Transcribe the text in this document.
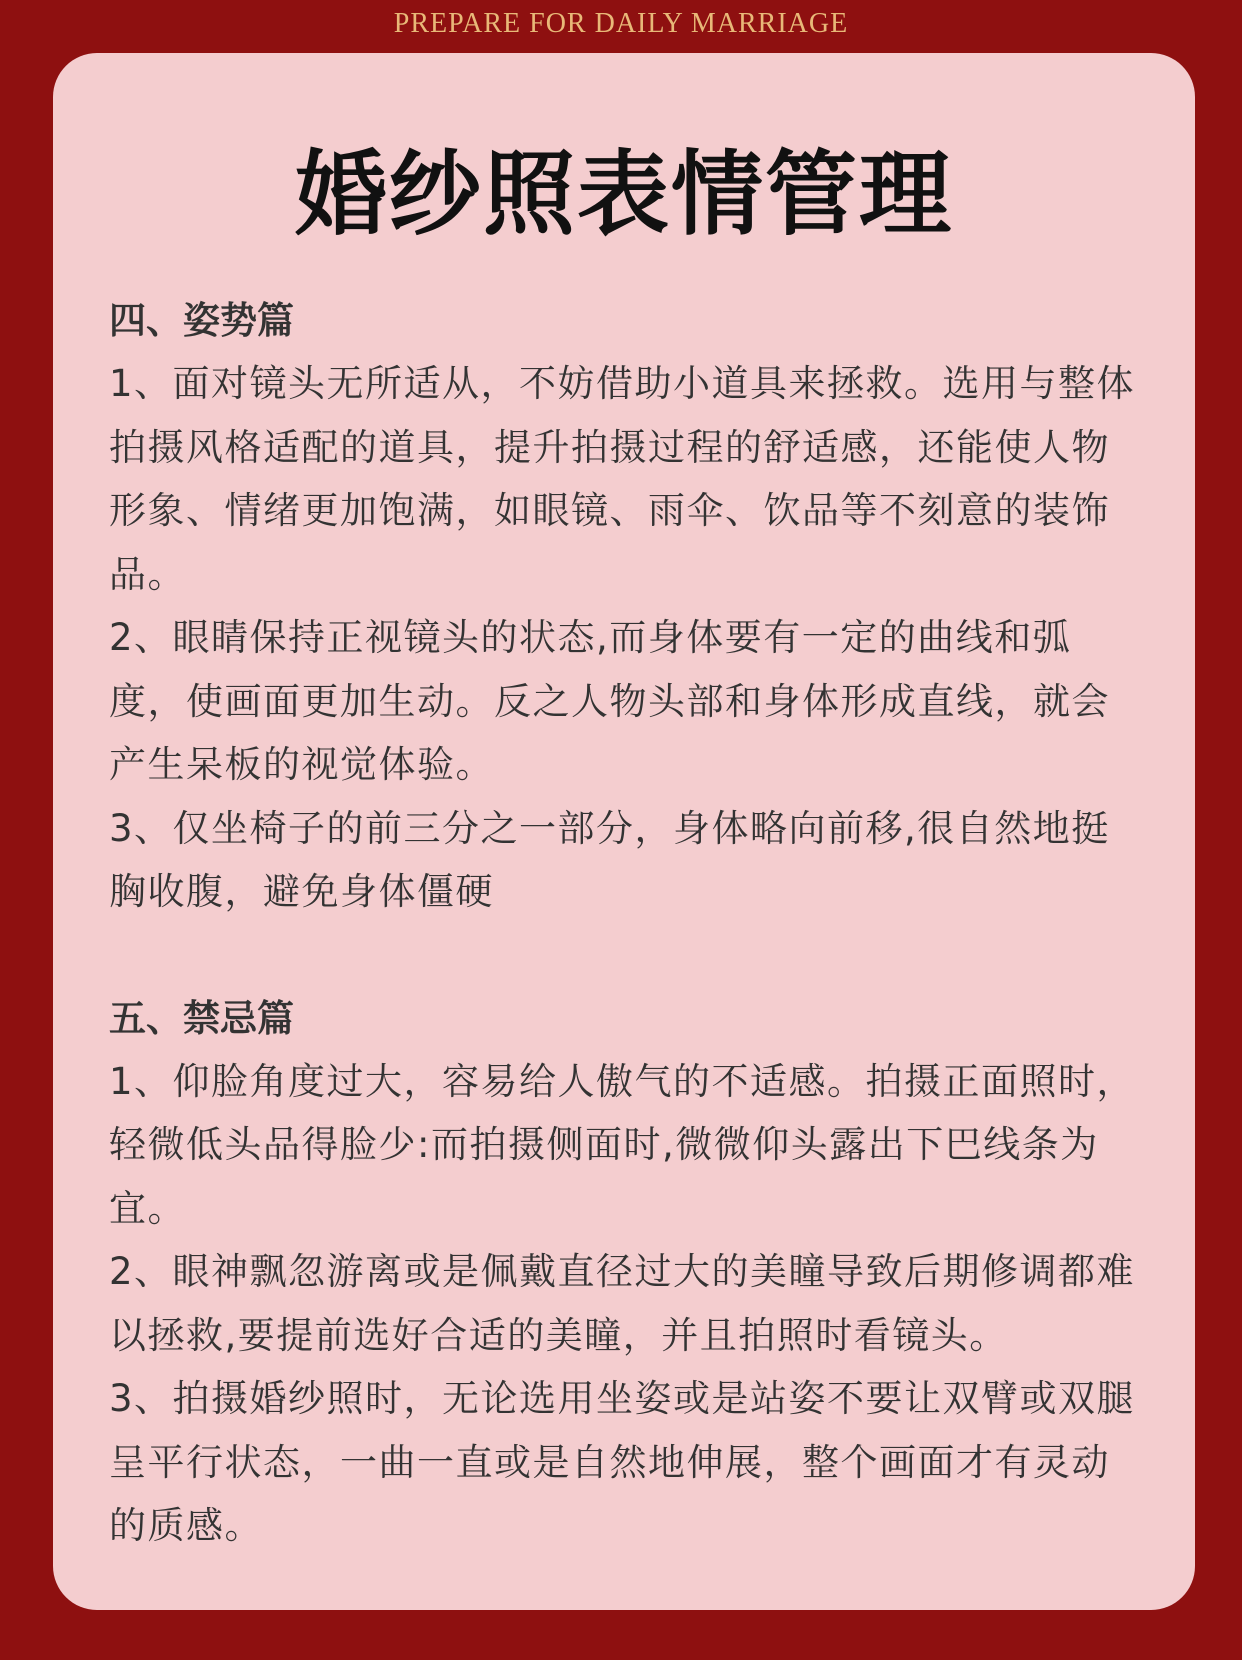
PREPARE FOR DAILY MARRIAGE
婚纱照表情管理

四、姿势篇

1、面对镜头无所适从，不妨借助小道具来拯救。选用与整体拍摄风格适配的道具，提升拍摄过程的舒适感，还能使人物形象、情绪更加饱满，如眼镜、雨伞、饮品等不刻意的装饰品。

2、眼睛保持正视镜头的状态,而身体要有一定的曲线和弧度，使画面更加生动。反之人物头部和身体形成直线，就会产生呆板的视觉体验。

3、仅坐椅子的前三分之一部分，身体略向前移,很自然地挺胸收腹，避免身体僵硬

五、禁忌篇

1、仰脸角度过大，容易给人傲气的不适感。拍摄正面照时，轻微低头品得脸少:而拍摄侧面时,微微仰头露出下巴线条为宜。

2、眼神飘忽游离或是佩戴直径过大的美瞳导致后期修调都难以拯救,要提前选好合适的美瞳，并且拍照时看镜头。

3、拍摄婚纱照时，无论选用坐姿或是站姿不要让双臂或双腿呈平行状态，一曲一直或是自然地伸展，整个画面才有灵动的质感。
